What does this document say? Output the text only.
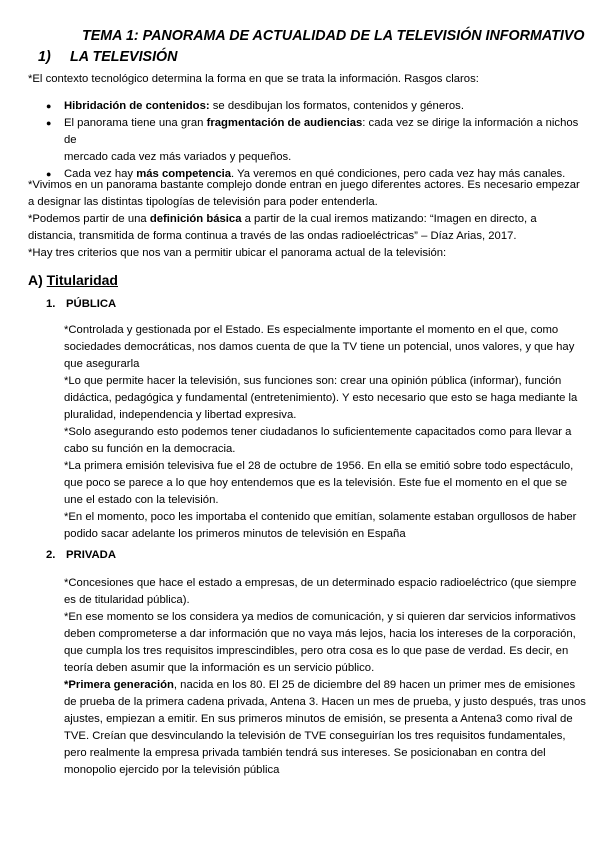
TEMA 1: PANORAMA DE ACTUALIDAD DE LA TELEVISIÓN INFORMATIVO
1) LA TELEVISIÓN
*El contexto tecnológico determina la forma en que se trata la información. Rasgos claros:
● Hibridación de contenidos: se desdibujan los formatos, contenidos y géneros.
● El panorama tiene una gran fragmentación de audiencias: cada vez se dirige la información a nichos de
mercado cada vez más variados y pequeños.
● Cada vez hay más competencia. Ya veremos en qué condiciones, pero cada vez hay más canales.
*Vivimos en un panorama bastante complejo donde entran en juego diferentes actores. Es necesario empezar
a designar las distintas tipologías de televisión para poder entenderla.
*Podemos partir de una definición básica a partir de la cual iremos matizando: “Imagen en directo, a
distancia, transmitida de forma continua a través de las ondas radioeléctricas” – Díaz Arias, 2017.
*Hay tres criterios que nos van a permitir ubicar el panorama actual de la televisión:
A) Titularidad
1. PÚBLICA
*Controlada y gestionada por el Estado. Es especialmente importante el momento en el que, como
sociedades democráticas, nos damos cuenta de que la TV tiene un potencial, unos valores, y que hay
que asegurarla
*Lo que permite hacer la televisión, sus funciones son: crear una opinión pública (informar), función
didáctica, pedagógica y fundamental (entretenimiento). Y esto necesario que esto se haga mediante la
pluralidad, independencia y libertad expresiva.
*Solo asegurando esto podemos tener ciudadanos lo suficientemente capacitados como para llevar a
cabo su función en la democracia.
*La primera emisión televisiva fue el 28 de octubre de 1956. En ella se emitió sobre todo espectáculo,
que poco se parece a lo que hoy entendemos que es la televisión. Este fue el momento en el que se
une el estado con la televisión.
*En el momento, poco les importaba el contenido que emitían, solamente estaban orgullosos de haber
podido sacar adelante los primeros minutos de televisión en España
2. PRIVADA
*Concesiones que hace el estado a empresas, de un determinado espacio radioeléctrico (que siempre
es de titularidad pública).
*En ese momento se los considera ya medios de comunicación, y si quieren dar servicios informativos
deben comprometerse a dar información que no vaya más lejos, hacia los intereses de la corporación,
que cumpla los tres requisitos imprescindibles, pero otra cosa es lo que pase de verdad. Es decir, en
teoría deben asumir que la información es un servicio público.
*Primera generación, nacida en los 80. El 25 de diciembre del 89 hacen un primer mes de emisiones
de prueba de la primera cadena privada, Antena 3. Hacen un mes de prueba, y justo después, tras unos
ajustes, empiezan a emitir. En sus primeros minutos de emisión, se presenta a Antena3 como rival de
TVE. Creían que desvinculando la televisión de TVE conseguirían los tres requisitos fundamentales,
pero realmente la empresa privada también tendrá sus intereses. Se posicionaban en contra del
monopolio ejercido por la televisión pública
